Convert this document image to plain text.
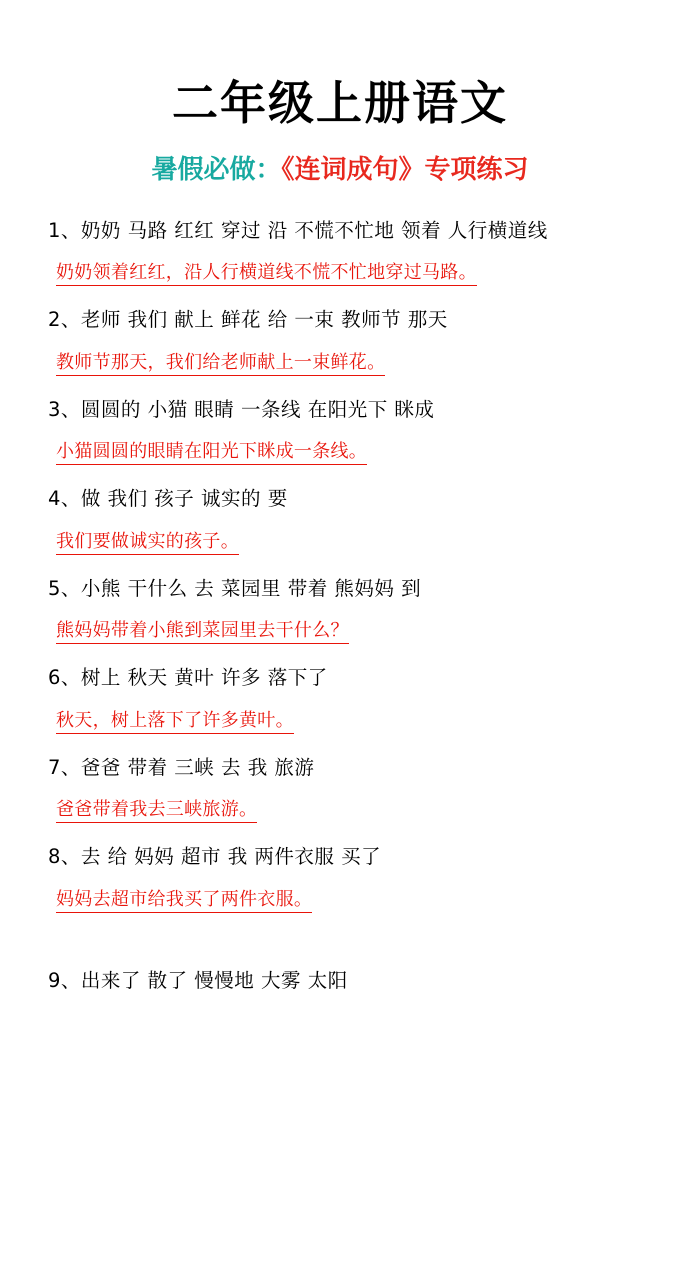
二年级上册语文
暑假必做：《连词成句》专项练习
1、奶奶 马路 红红 穿过 沿 不慌不忙地 领着 人行横道线
奶奶领着红红，沿人行横道线不慌不忙地穿过马路。
2、老师 我们 献上 鲜花 给 一束 教师节 那天
教师节那天，我们给老师献上一束鲜花。
3、圆圆的 小猫 眼睛 一条线 在阳光下 眯成
小猫圆圆的眼睛在阳光下眯成一条线。
4、做 我们 孩子 诚实的 要
我们要做诚实的孩子。
5、小熊 干什么 去 菜园里 带着 熊妈妈 到
熊妈妈带着小熊到菜园里去干什么？
6、树上 秋天 黄叶 许多 落下了
秋天，树上落下了许多黄叶。
7、爸爸 带着 三峡 去 我 旅游
爸爸带着我去三峡旅游。
8、去 给 妈妈 超市 我 两件衣服 买了
妈妈去超市给我买了两件衣服。
9、出来了 散了 慢慢地 大雾 太阳
